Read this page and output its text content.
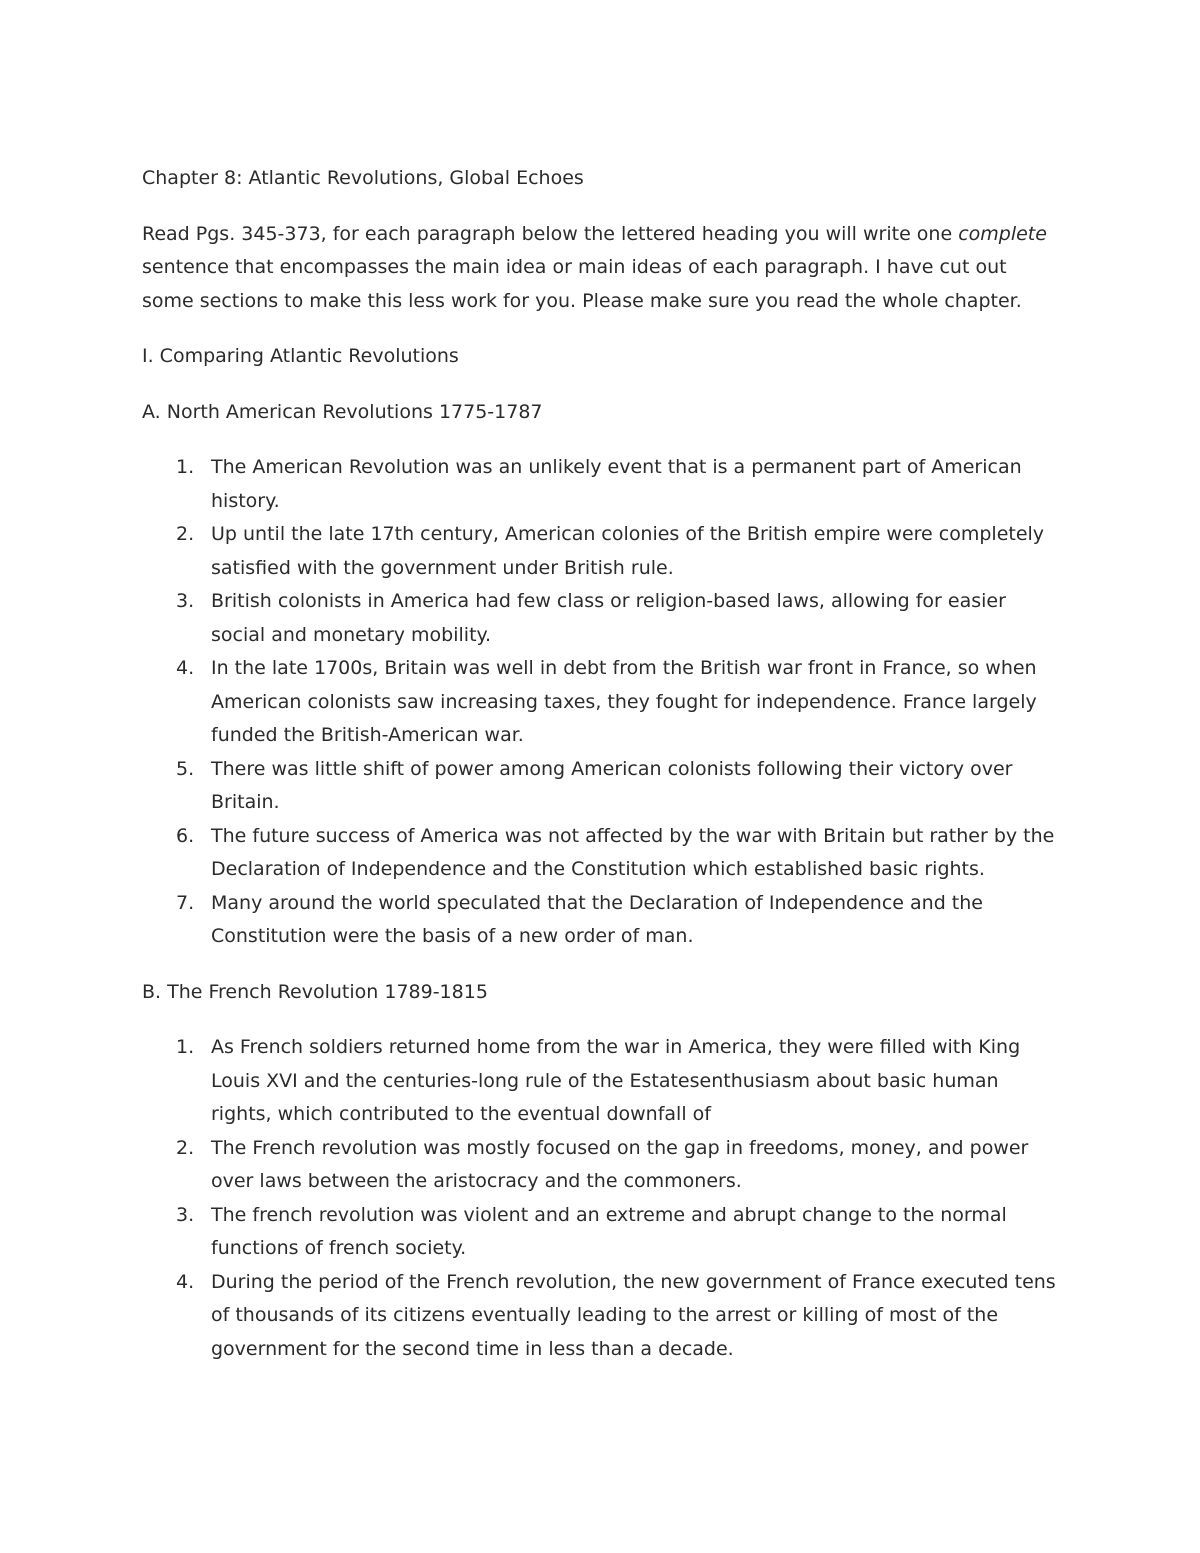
Chapter 8: Atlantic Revolutions, Global Echoes

Read Pgs. 345-373, for each paragraph below the lettered heading you will write one complete sentence that encompasses the main idea or main ideas of each paragraph. I have cut out some sections to make this less work for you. Please make sure you read the whole chapter.

I. Comparing Atlantic Revolutions

A. North American Revolutions 1775-1787

1. The American Revolution was an unlikely event that is a permanent part of American history.
2. Up until the late 17th century, American colonies of the British empire were completely satisfied with the government under British rule.
3. British colonists in America had few class or religion-based laws, allowing for easier social and monetary mobility.
4. In the late 1700s, Britain was well in debt from the British war front in France, so when American colonists saw increasing taxes, they fought for independence. France largely funded the British-American war.
5. There was little shift of power among American colonists following their victory over Britain.
6. The future success of America was not affected by the war with Britain but rather by the Declaration of Independence and the Constitution which established basic rights.
7. Many around the world speculated that the Declaration of Independence and the Constitution were the basis of a new order of man.

B. The French Revolution 1789-1815

1. As French soldiers returned home from the war in America, they were filled with King Louis XVI and the centuries-long rule of the Estatesenthusiasm about basic human rights, which contributed to the eventual downfall of
2. The French revolution was mostly focused on the gap in freedoms, money, and power over laws between the aristocracy and the commoners.
3. The french revolution was violent and an extreme and abrupt change to the normal functions of french society.
4. During the period of the French revolution, the new government of France executed tens of thousands of its citizens eventually leading to the arrest or killing of most of the government for the second time in less than a decade.
